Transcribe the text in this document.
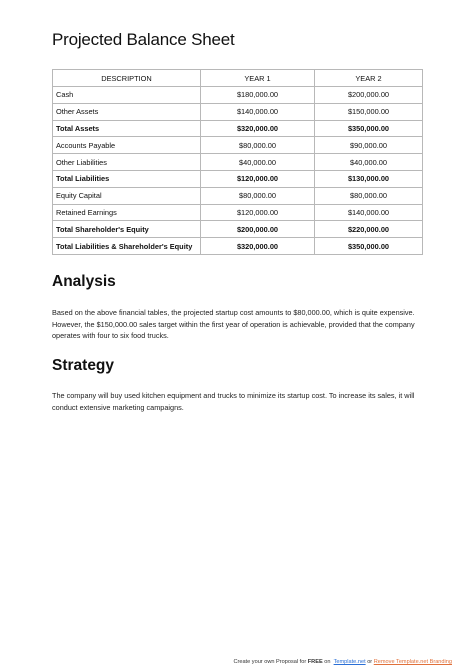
Projected Balance Sheet
DESCRIPTION	YEAR 1	YEAR 2
Cash	$180,000.00	$200,000.00
Other Assets	$140,000.00	$150,000.00
Total Assets	$320,000.00	$350,000.00
Accounts Payable	$80,000.00	$90,000.00
Other Liabilities	$40,000.00	$40,000.00
Total Liabilities	$120,000.00	$130,000.00
Equity Capital	$80,000.00	$80,000.00
Retained Earnings	$120,000.00	$140,000.00
Total Shareholder's Equity	$200,000.00	$220,000.00
Total Liabilities & Shareholder's Equity	$320,000.00	$350,000.00
Analysis

Based on the above financial tables, the projected startup cost amounts to $80,000.00, which is quite expensive. However, the $150,000.00 sales target within the first year of operation is achievable, provided that the company operates with four to six food trucks.

Strategy

The company will buy used kitchen equipment and trucks to minimize its startup cost. To increase its sales, it will conduct extensive marketing campaigns.

Create your own Proposal for FREE on Template.net or Remove Template.net Branding
